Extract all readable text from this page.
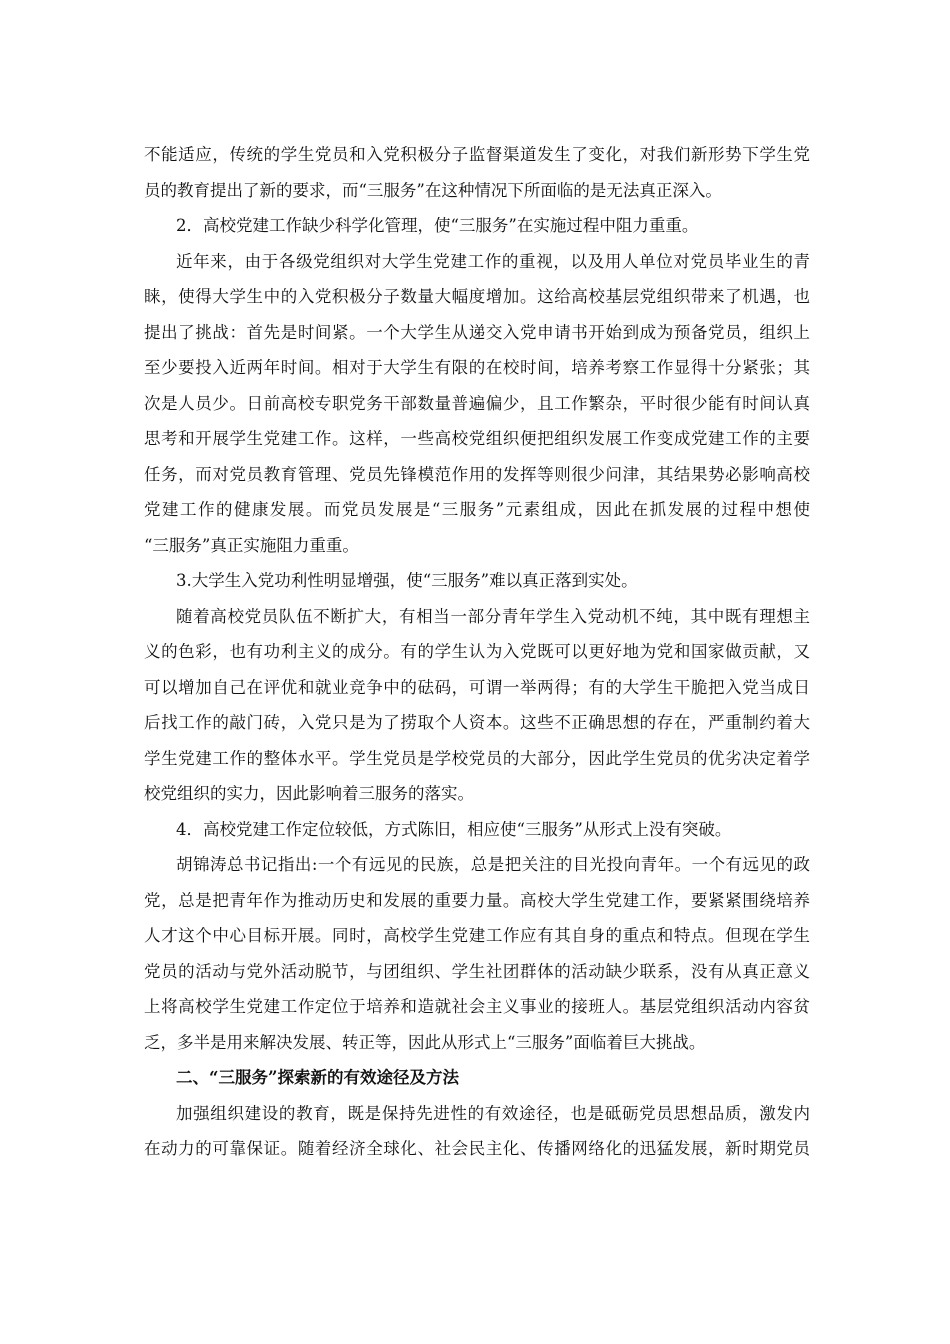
不能适应，传统的学生党员和入党积极分子监督渠道发生了变化，对我们新形势下学生党
员的教育提出了新的要求，而“三服务”在这种情况下所面临的是无法真正深入。
2．高校党建工作缺少科学化管理，使“三服务”在实施过程中阻力重重。
近年来，由于各级党组织对大学生党建工作的重视，以及用人单位对党员毕业生的青
睐，使得大学生中的入党积极分子数量大幅度增加。这给高校基层党组织带来了机遇，也
提出了挑战：首先是时间紧。一个大学生从递交入党申请书开始到成为预备党员，组织上
至少要投入近两年时间。相对于大学生有限的在校时间，培养考察工作显得十分紧张；其
次是人员少。日前高校专职党务干部数量普遍偏少，且工作繁杂，平时很少能有时间认真
思考和开展学生党建工作。这样，一些高校党组织便把组织发展工作变成党建工作的主要
任务，而对党员教育管理、党员先锋模范作用的发挥等则很少问津，其结果势必影响高校
党建工作的健康发展。而党员发展是“三服务”元素组成，因此在抓发展的过程中想使
“三服务”真正实施阻力重重。
3.大学生入党功利性明显增强，使“三服务”难以真正落到实处。
随着高校党员队伍不断扩大，有相当一部分青年学生入党动机不纯，其中既有理想主
义的色彩，也有功利主义的成分。有的学生认为入党既可以更好地为党和国家做贡献，又
可以增加自己在评优和就业竞争中的砝码，可谓一举两得；有的大学生干脆把入党当成日
后找工作的敲门砖，入党只是为了捞取个人资本。这些不正确思想的存在，严重制约着大
学生党建工作的整体水平。学生党员是学校党员的大部分，因此学生党员的优劣决定着学
校党组织的实力，因此影响着三服务的落实。
4．高校党建工作定位较低，方式陈旧，相应使“三服务”从形式上没有突破。
胡锦涛总书记指出:一个有远见的民族，总是把关注的目光投向青年。一个有远见的政
党，总是把青年作为推动历史和发展的重要力量。高校大学生党建工作，要紧紧围绕培养
人才这个中心目标开展。同时，高校学生党建工作应有其自身的重点和特点。但现在学生
党员的活动与党外活动脱节，与团组织、学生社团群体的活动缺少联系，没有从真正意义
上将高校学生党建工作定位于培养和造就社会主义事业的接班人。基层党组织活动内容贫
乏，多半是用来解决发展、转正等，因此从形式上“三服务”面临着巨大挑战。
二、“三服务”探索新的有效途径及方法
加强组织建设的教育，既是保持先进性的有效途径，也是砥砺党员思想品质，激发内
在动力的可靠保证。随着经济全球化、社会民主化、传播网络化的迅猛发展，新时期党员
